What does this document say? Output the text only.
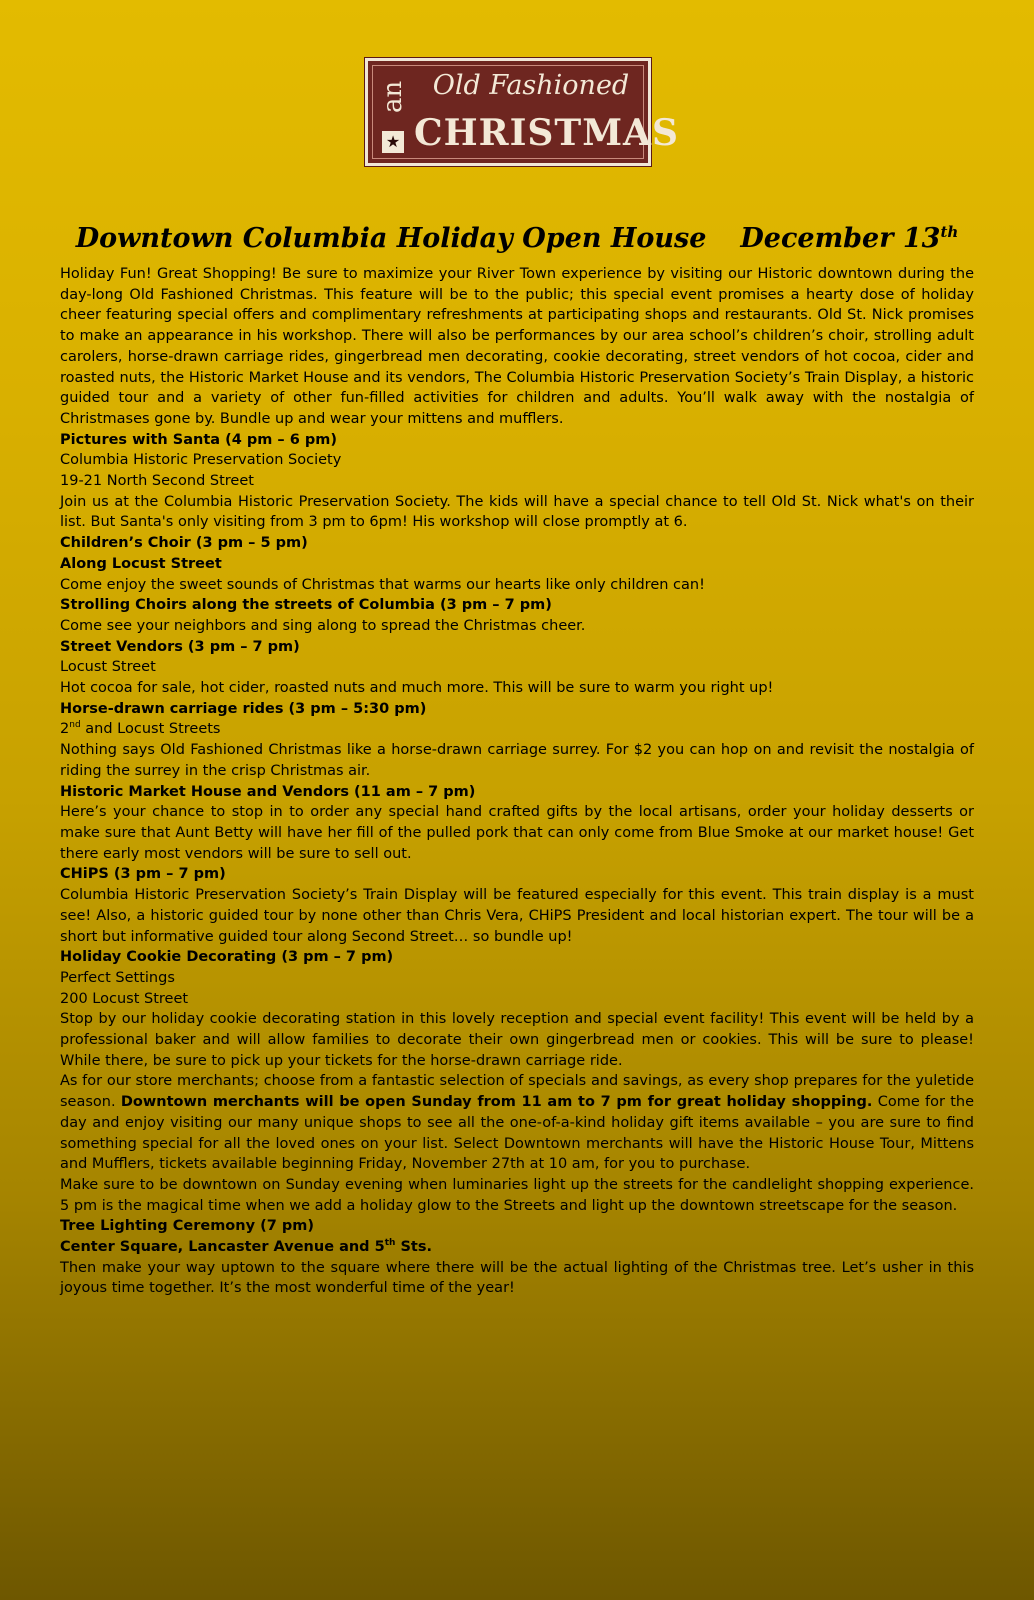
an
★
Old Fashioned
CHRISTMAS
Downtown Columbia Holiday Open House December 13th

Holiday Fun! Great Shopping! Be sure to maximize your River Town experience by visiting our Historic downtown during the day-long Old Fashioned Christmas. This feature will be to the public; this special event promises a hearty dose of holiday cheer featuring special offers and complimentary refreshments at participating shops and restaurants. Old St. Nick promises to make an appearance in his workshop. There will also be performances by our area school’s children’s choir, strolling adult carolers, horse-drawn carriage rides, gingerbread men decorating, cookie decorating, street vendors of hot cocoa, cider and roasted nuts, the Historic Market House and its vendors, The Columbia Historic Preservation Society’s Train Display, a historic guided tour and a variety of other fun-filled activities for children and adults. You’ll walk away with the nostalgia of Christmases gone by. Bundle up and wear your mittens and mufflers.

Pictures with Santa (4 pm – 6 pm)
Columbia Historic Preservation Society
19-21 North Second Street

Join us at the Columbia Historic Preservation Society. The kids will have a special chance to tell Old St. Nick what's on their list. But Santa's only visiting from 3 pm to 6pm! His workshop will close promptly at 6.

Children’s Choir (3 pm – 5 pm)
Along Locust Street

Come enjoy the sweet sounds of Christmas that warms our hearts like only children can!

Strolling Choirs along the streets of Columbia (3 pm – 7 pm)

Come see your neighbors and sing along to spread the Christmas cheer.

Street Vendors (3 pm – 7 pm)
Locust Street

Hot cocoa for sale, hot cider, roasted nuts and much more. This will be sure to warm you right up!

Horse-drawn carriage rides (3 pm – 5:30 pm)
2nd and Locust Streets

Nothing says Old Fashioned Christmas like a horse-drawn carriage surrey. For $2 you can hop on and revisit the nostalgia of riding the surrey in the crisp Christmas air.

Historic Market House and Vendors (11 am – 7 pm)

Here’s your chance to stop in to order any special hand crafted gifts by the local artisans, order your holiday desserts or make sure that Aunt Betty will have her fill of the pulled pork that can only come from Blue Smoke at our market house! Get there early most vendors will be sure to sell out.

CHiPS (3 pm – 7 pm)

Columbia Historic Preservation Society’s Train Display will be featured especially for this event. This train display is a must see! Also, a historic guided tour by none other than Chris Vera, CHiPS President and local historian expert. The tour will be a short but informative guided tour along Second Street… so bundle up!

Holiday Cookie Decorating (3 pm – 7 pm)
Perfect Settings
200 Locust Street

Stop by our holiday cookie decorating station in this lovely reception and special event facility! This event will be held by a professional baker and will allow families to decorate their own gingerbread men or cookies. This will be sure to please! While there, be sure to pick up your tickets for the horse-drawn carriage ride.

As for our store merchants; choose from a fantastic selection of specials and savings, as every shop prepares for the yuletide season. Downtown merchants will be open Sunday from 11 am to 7 pm for great holiday shopping. Come for the day and enjoy visiting our many unique shops to see all the one-of-a-kind holiday gift items available – you are sure to find something special for all the loved ones on your list. Select Downtown merchants will have the Historic House Tour, Mittens and Mufflers, tickets available beginning Friday, November 27th at 10 am, for you to purchase.

Make sure to be downtown on Sunday evening when luminaries light up the streets for the candlelight shopping experience. 5 pm is the magical time when we add a holiday glow to the Streets and light up the downtown streetscape for the season.

Tree Lighting Ceremony (7 pm)
Center Square, Lancaster Avenue and 5th Sts.

Then make your way uptown to the square where there will be the actual lighting of the Christmas tree. Let’s usher in this joyous time together. It’s the most wonderful time of the year!
